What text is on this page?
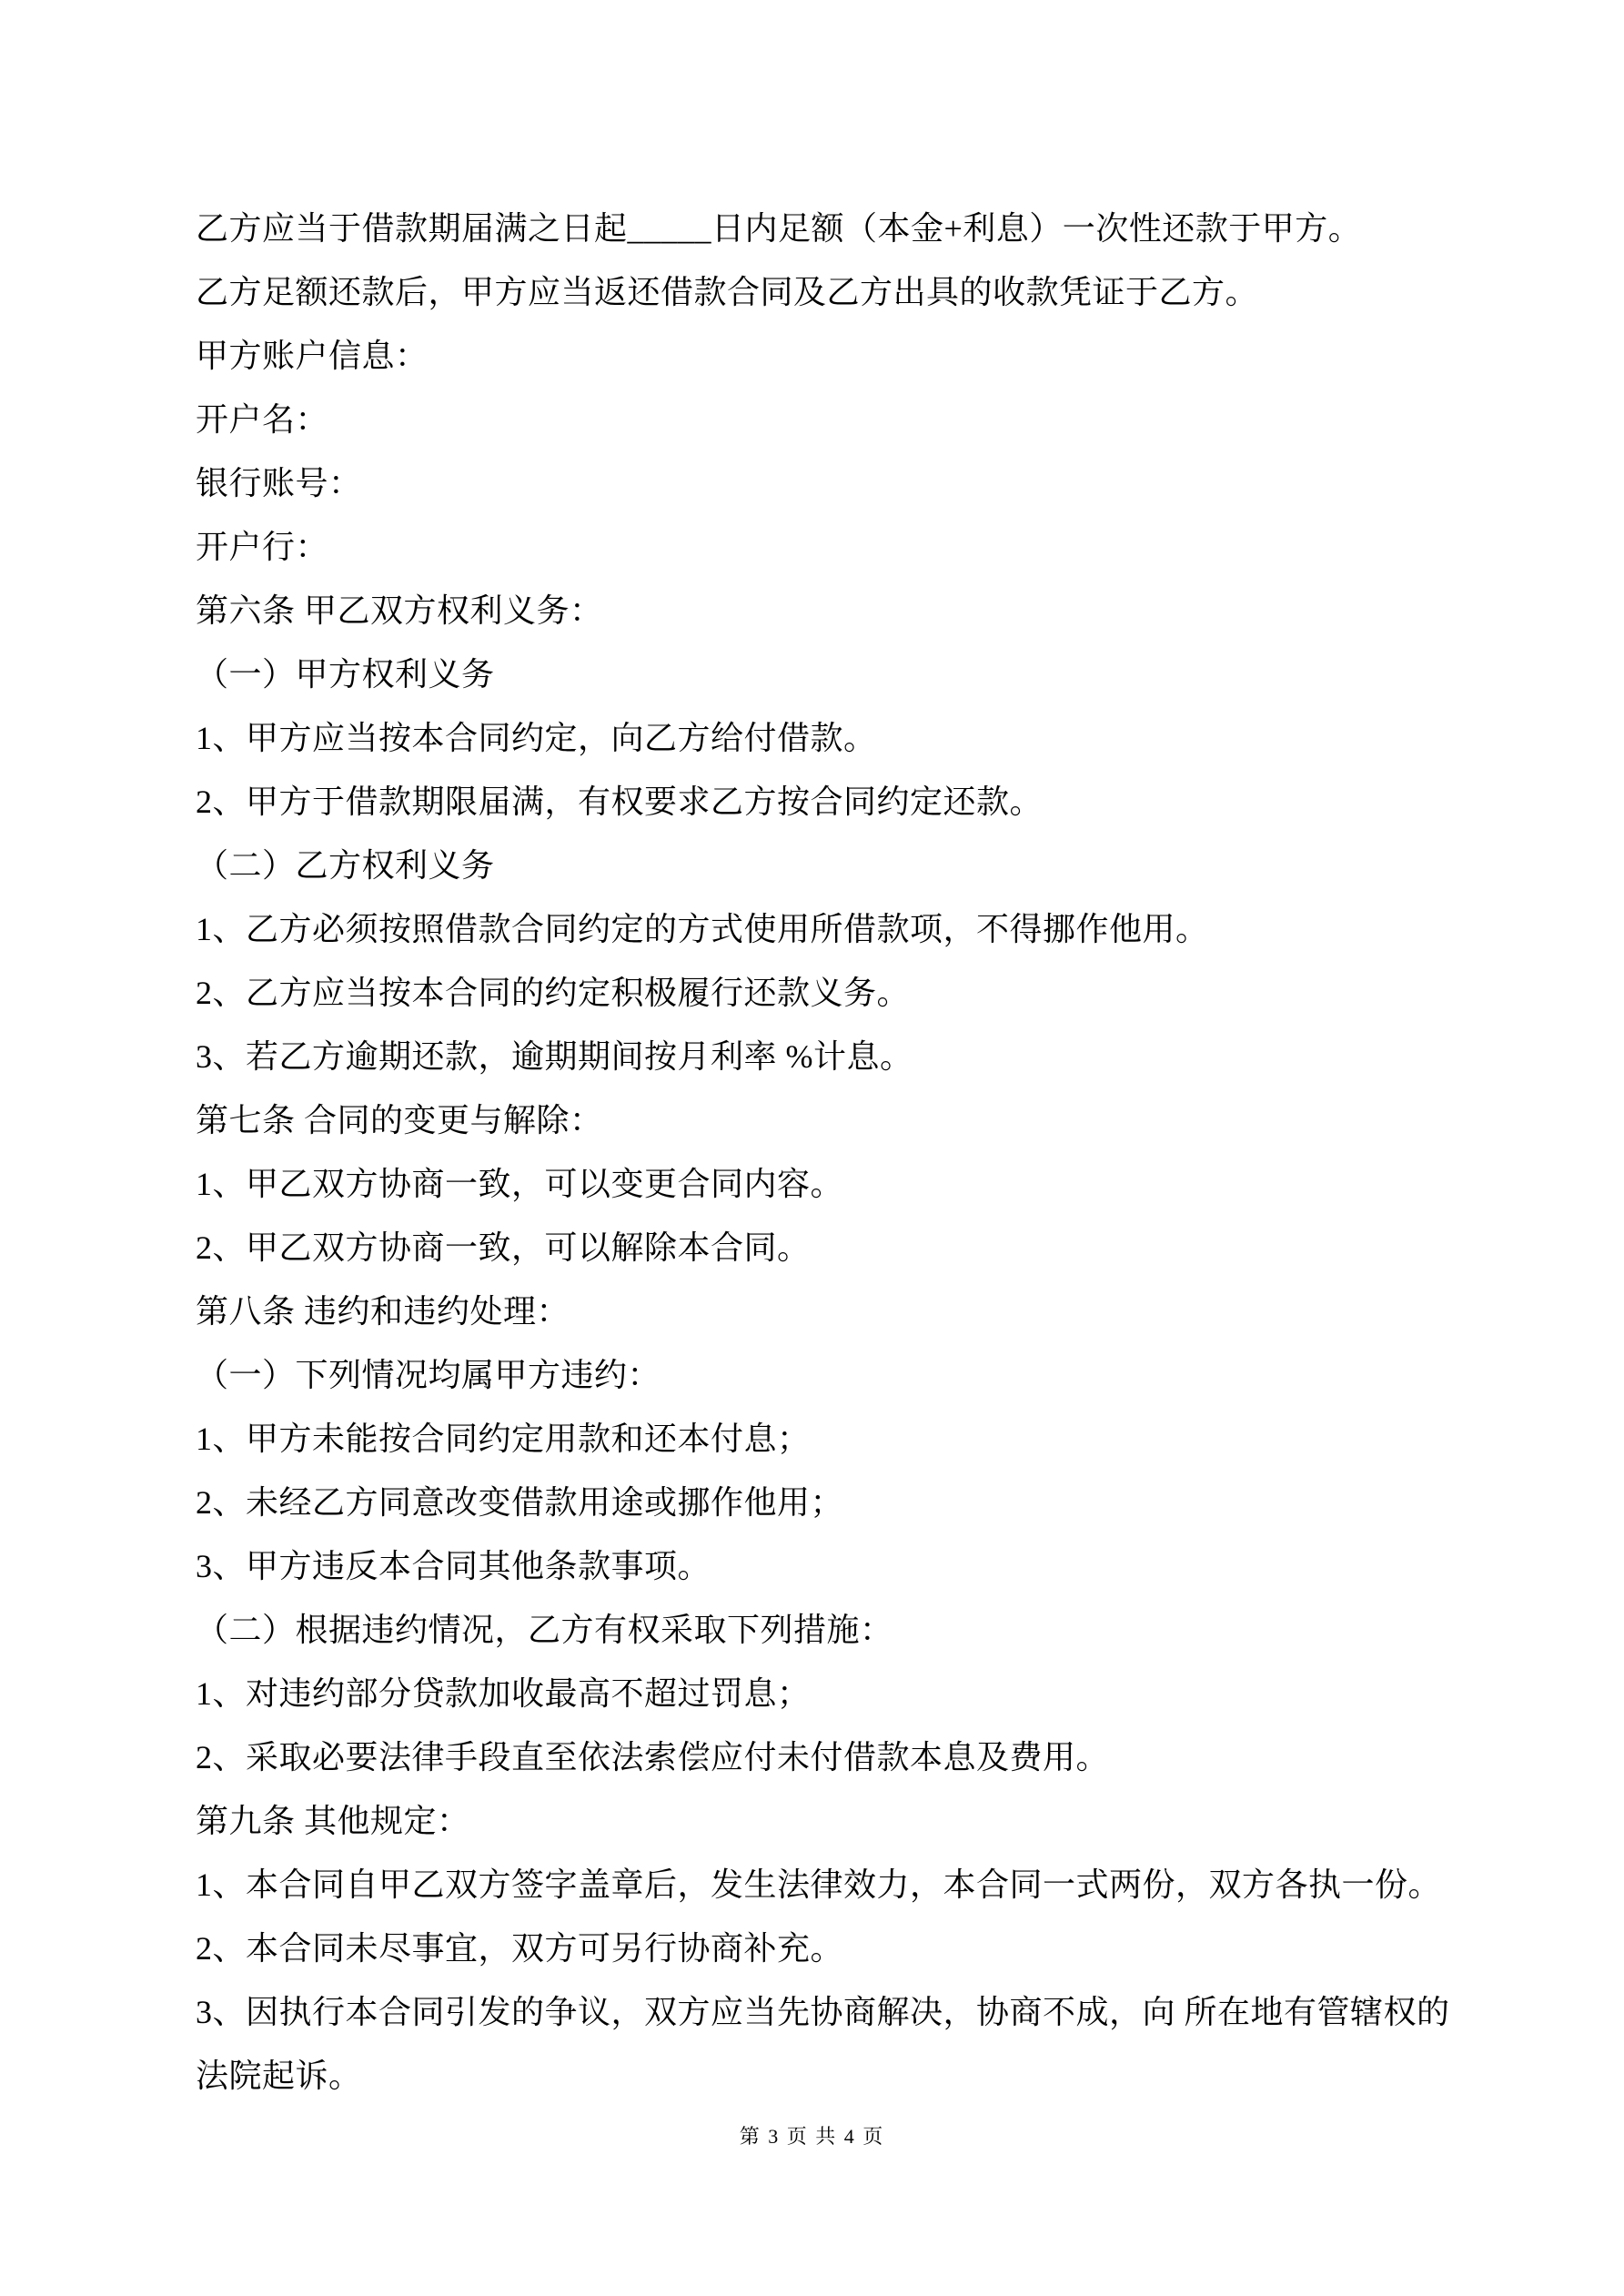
乙方应当于借款期届满之日起_____日内足额（本金+利息）一次性还款于甲方。
乙方足额还款后，甲方应当返还借款合同及乙方出具的收款凭证于乙方。
甲方账户信息：
开户名：
银行账号：
开户行：
第六条 甲乙双方权利义务：
（一）甲方权利义务
1、甲方应当按本合同约定，向乙方给付借款。
2、甲方于借款期限届满，有权要求乙方按合同约定还款。
（二）乙方权利义务
1、乙方必须按照借款合同约定的方式使用所借款项，不得挪作他用。
2、乙方应当按本合同的约定积极履行还款义务。
3、若乙方逾期还款，逾期期间按月利率 %计息。
第七条 合同的变更与解除：
1、甲乙双方协商一致，可以变更合同内容。
2、甲乙双方协商一致，可以解除本合同。
第八条 违约和违约处理：
（一）下列情况均属甲方违约：
1、甲方未能按合同约定用款和还本付息；
2、未经乙方同意改变借款用途或挪作他用；
3、甲方违反本合同其他条款事项。
（二）根据违约情况，乙方有权采取下列措施：
1、对违约部分贷款加收最高不超过罚息；
2、采取必要法律手段直至依法索偿应付未付借款本息及费用。
第九条 其他规定：
1、本合同自甲乙双方签字盖章后，发生法律效力，本合同一式两份，双方各执一份。
2、本合同未尽事宜，双方可另行协商补充。
3、因执行本合同引发的争议，双方应当先协商解决，协商不成，向 所在地有管辖权的
法院起诉。
第 3 页 共 4 页
